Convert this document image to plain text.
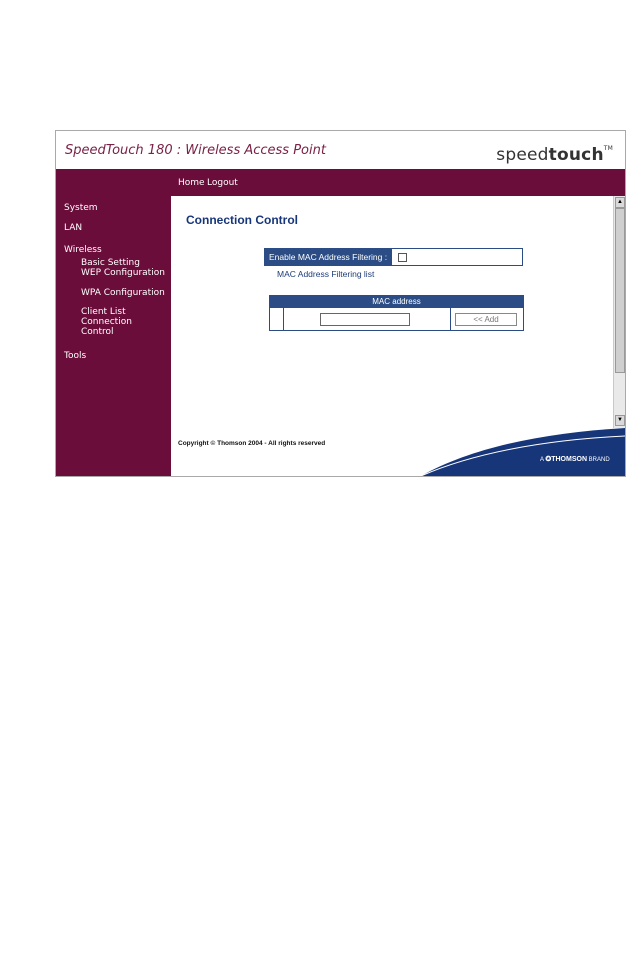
SpeedTouch 180 : Wireless Access Point	speedtouch™
System
LAN
Wireless
Basic Setting
WEP Configuration
WPA Configuration
Client List
Connection
Control
Tools
Home Logout
Connection Control
Enable MAC Address Filtering :
MAC Address Filtering list
MAC address
<< Add
▲
▼
Copyright © Thomson 2004 - All rights reserved
A ✪THOMSON BRAND
